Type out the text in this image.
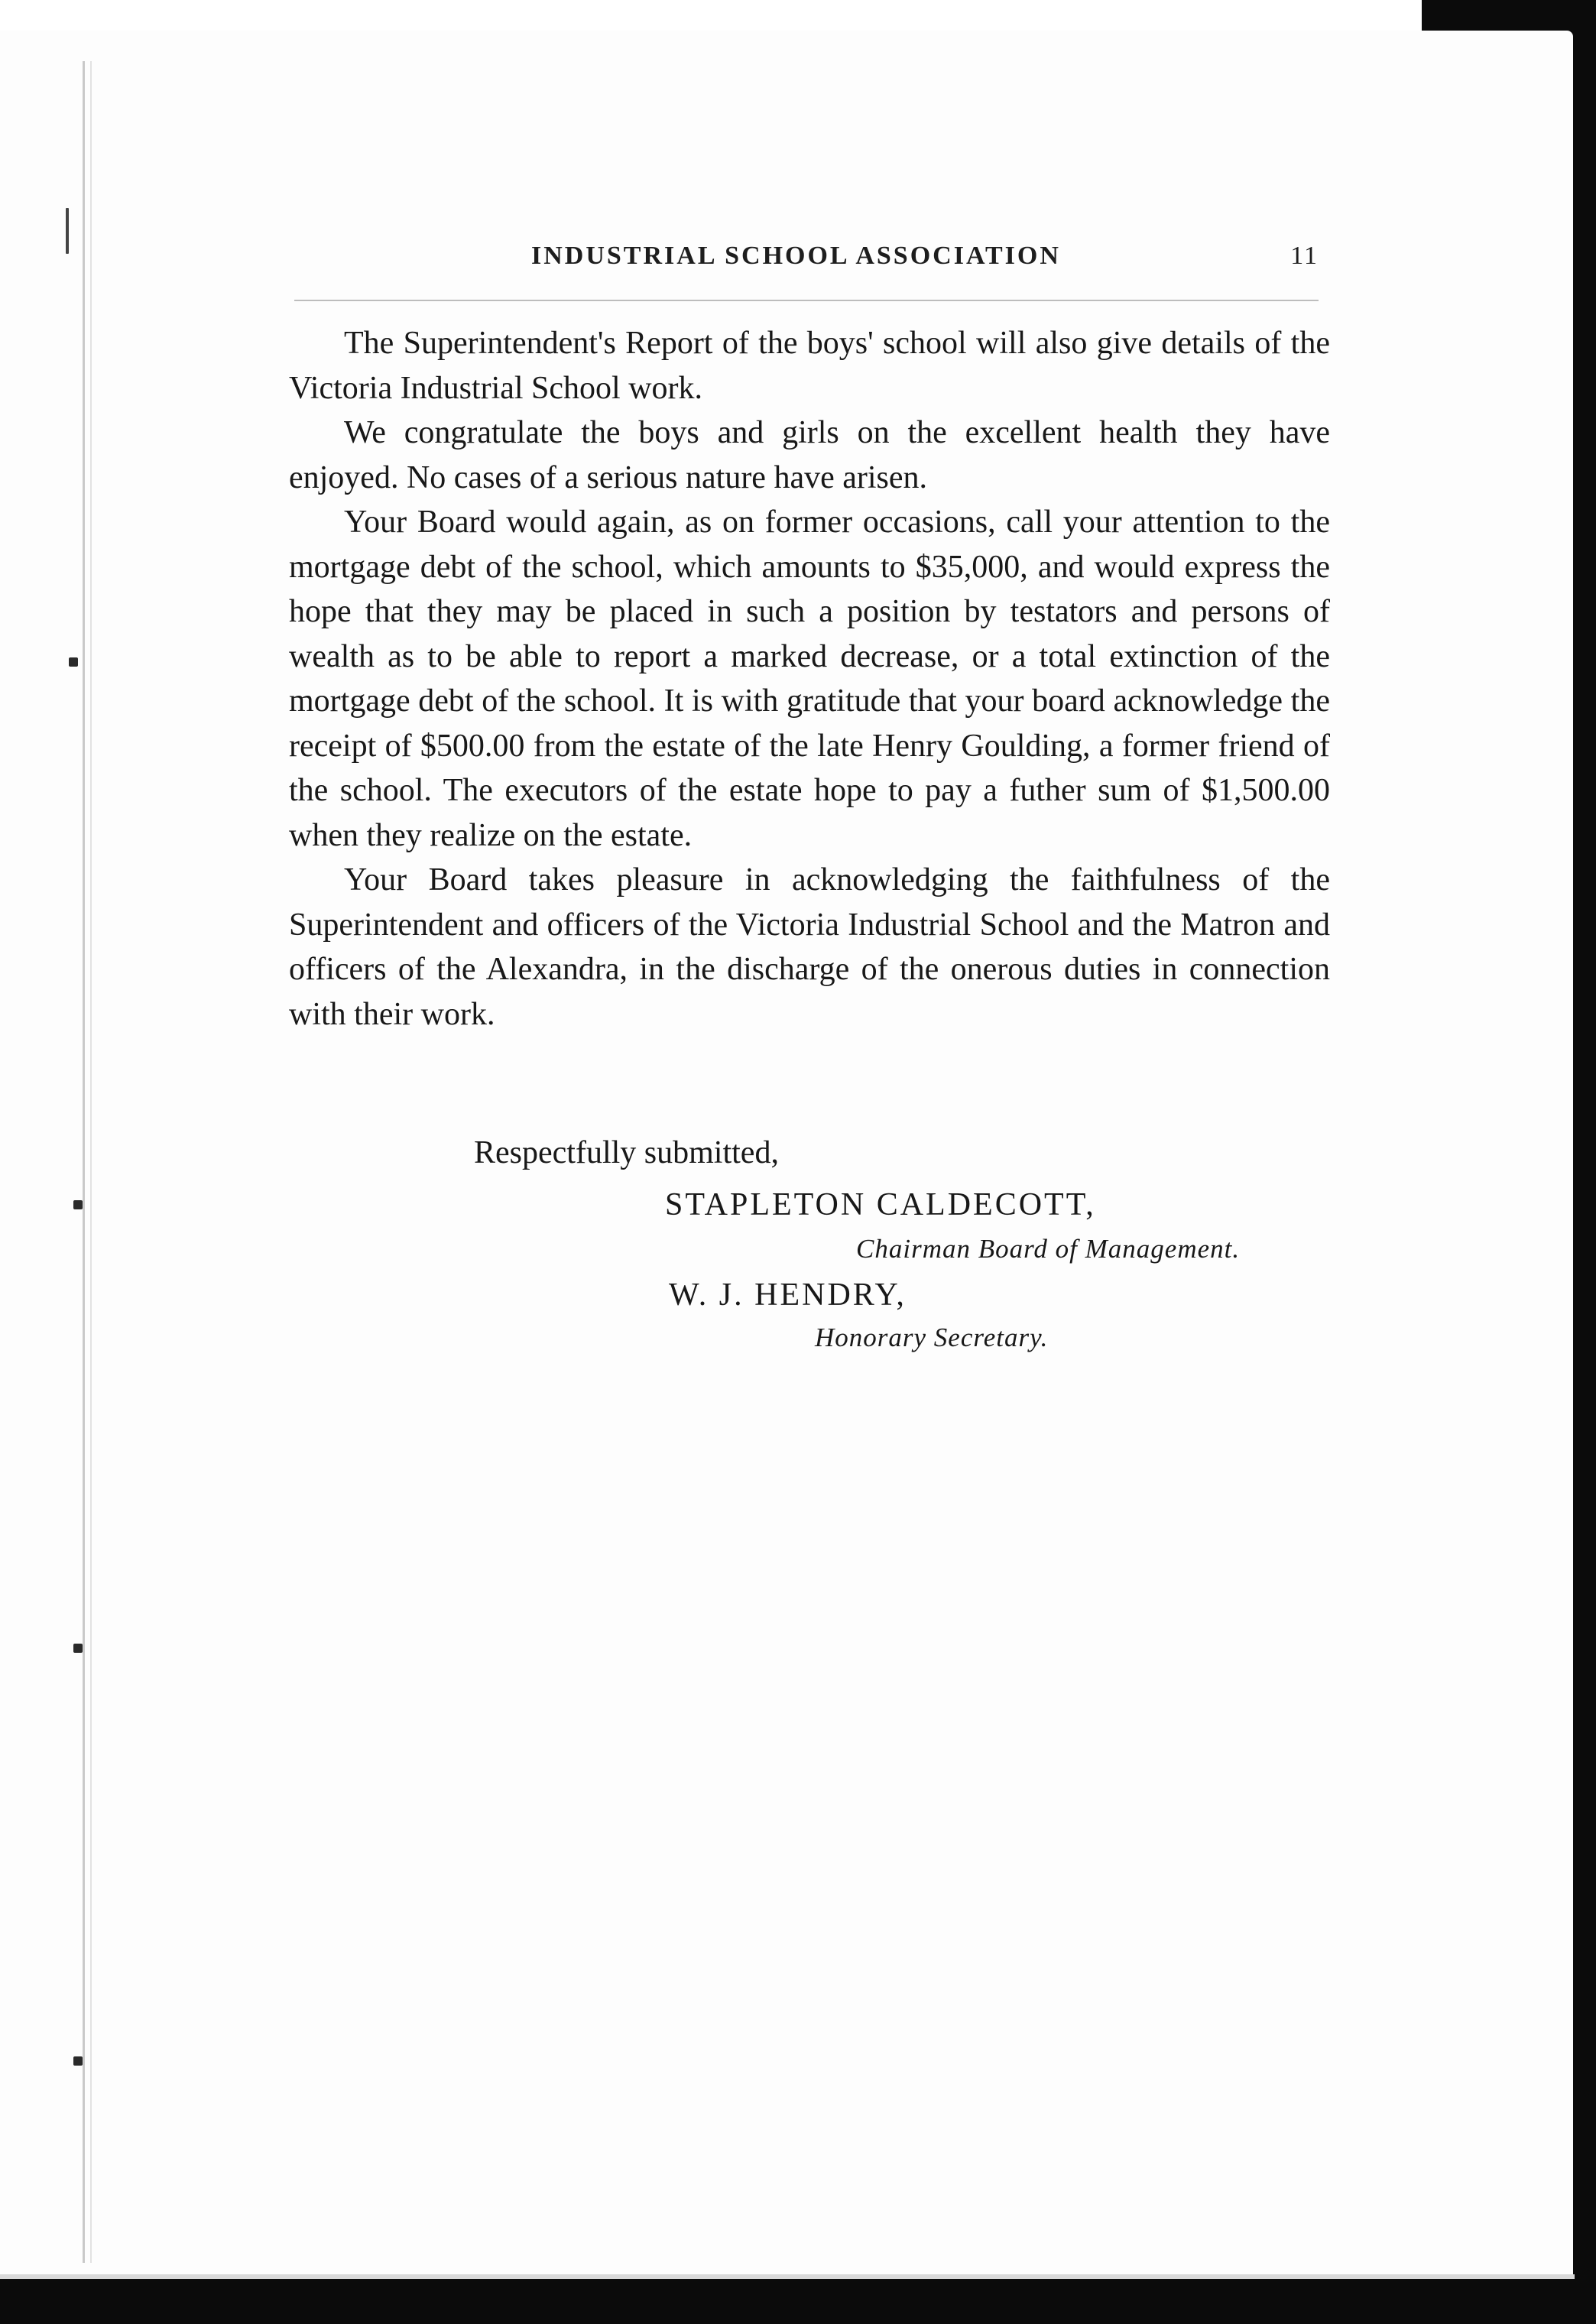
INDUSTRIAL SCHOOL ASSOCIATION	11

The Superintendent's Report of the boys' school will also give details of the Victoria Industrial School work.

We congratulate the boys and girls on the excellent health they have enjoyed. No cases of a serious nature have arisen.

Your Board would again, as on former occasions, call your attention to the mortgage debt of the school, which amounts to $35,000, and would express the hope that they may be placed in such a position by testators and persons of wealth as to be able to report a marked decrease, or a total extinction of the mortgage debt of the school. It is with gratitude that your board acknowledge the receipt of $500.00 from the estate of the late Henry Goulding, a former friend of the school. The executors of the estate hope to pay a futher sum of $1,500.00 when they realize on the estate.

Your Board takes pleasure in acknowledging the faithfulness of the Superintendent and officers of the Victoria Industrial School and the Matron and officers of the Alexandra, in the discharge of the onerous duties in connection with their work.

Respectfully submitted,
STAPLETON CALDECOTT,
Chairman Board of Management.
W. J. HENDRY,
Honorary Secretary.
